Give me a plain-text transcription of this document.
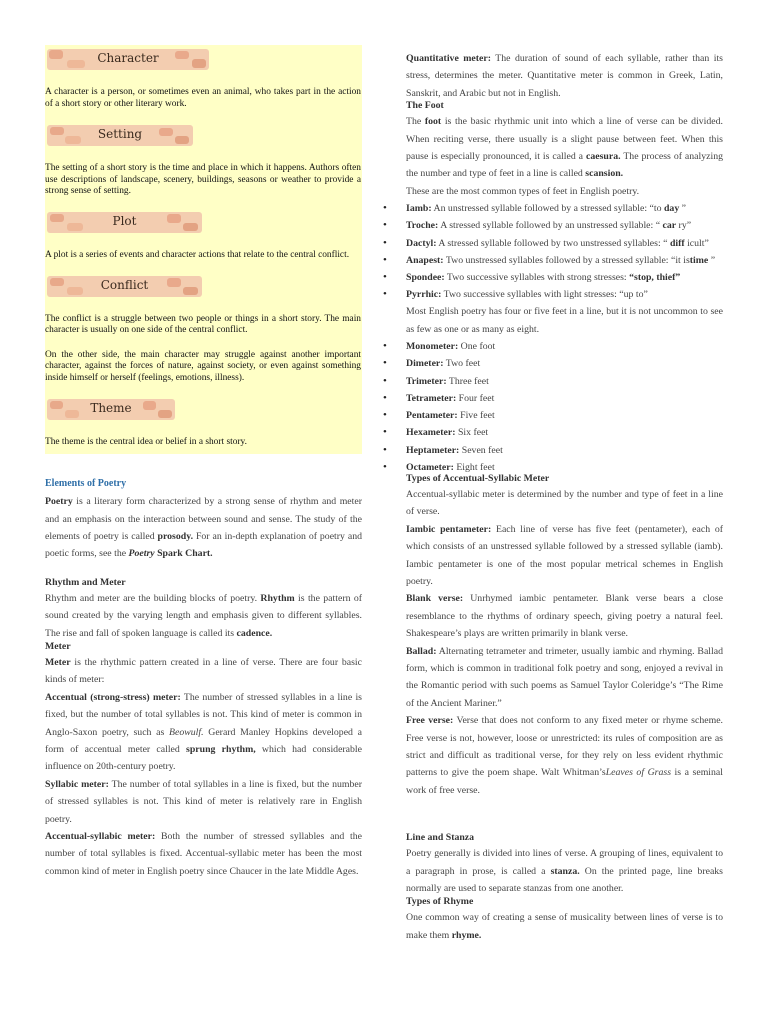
Character

A character is a person, or sometimes even an animal, who takes part in the action of a short story or other literary work.

Setting

The setting of a short story is the time and place in which it happens. Authors often use descriptions of landscape, scenery, buildings, seasons or weather to provide a strong sense of setting.

Plot

A plot is a series of events and character actions that relate to the central conflict.

Conflict

The conflict is a struggle between two people or things in a short story. The main character is usually on one side of the central conflict.

On the other side, the main character may struggle against another important character, against the forces of nature, against society, or even against something inside himself or herself (feelings, emotions, illness).

Theme

The theme is the central idea or belief in a short story.

Elements of Poetry

Poetry is a literary form characterized by a strong sense of rhythm and meter and an emphasis on the interaction between sound and sense. The study of the elements of poetry is called prosody. For an in-depth explanation of poetry and poetic forms, see the Poetry Spark Chart.

Rhythm and Meter

Rhythm and meter are the building blocks of poetry. Rhythm is the pattern of sound created by the varying length and emphasis given to different syllables. The rise and fall of spoken language is called its cadence.

Meter

Meter is the rhythmic pattern created in a line of verse. There are four basic kinds of meter:

Accentual (strong-stress) meter: The number of stressed syllables in a line is fixed, but the number of total syllables is not. This kind of meter is common in Anglo-Saxon poetry, such as Beowulf. Gerard Manley Hopkins developed a form of accentual meter called sprung rhythm, which had considerable influence on 20th-century poetry.

Syllabic meter: The number of total syllables in a line is fixed, but the number of stressed syllables is not. This kind of meter is relatively rare in English poetry.

Accentual-syllabic meter: Both the number of stressed syllables and the number of total syllables is fixed. Accentual-syllabic meter has been the most common kind of meter in English poetry since Chaucer in the late Middle Ages.

Quantitative meter: The duration of sound of each syllable, rather than its stress, determines the meter. Quantitative meter is common in Greek, Latin, Sanskrit, and Arabic but not in English.

The Foot

The foot is the basic rhythmic unit into which a line of verse can be divided. When reciting verse, there usually is a slight pause between feet. When this pause is especially pronounced, it is called a caesura. The process of analyzing the number and type of feet in a line is called scansion.

These are the most common types of feet in English poetry.

• Iamb: An unstressed syllable followed by a stressed syllable: “to day ”
• Troche: A stressed syllable followed by an unstressed syllable: “ car ry”
• Dactyl: A stressed syllable followed by two unstressed syllables: “ diff icult”
• Anapest: Two unstressed syllables followed by a stressed syllable: “it istime ”
• Spondee: Two successive syllables with strong stresses: “stop, thief”
• Pyrrhic: Two successive syllables with light stresses: “up to”

Most English poetry has four or five feet in a line, but it is not uncommon to see as few as one or as many as eight.

• Monometer: One foot
• Dimeter: Two feet
• Trimeter: Three feet
• Tetrameter: Four feet
• Pentameter: Five feet
• Hexameter: Six feet
• Heptameter: Seven feet
• Octameter: Eight feet

Types of Accentual-Syllabic Meter

Accentual-syllabic meter is determined by the number and type of feet in a line of verse.

Iambic pentameter: Each line of verse has five feet (pentameter), each of which consists of an unstressed syllable followed by a stressed syllable (iamb). Iambic pentameter is one of the most popular metrical schemes in English poetry.

Blank verse: Unrhymed iambic pentameter. Blank verse bears a close resemblance to the rhythms of ordinary speech, giving poetry a natural feel. Shakespeare’s plays are written primarily in blank verse.

Ballad: Alternating tetrameter and trimeter, usually iambic and rhyming. Ballad form, which is common in traditional folk poetry and song, enjoyed a revival in the Romantic period with such poems as Samuel Taylor Coleridge’s “The Rime of the Ancient Mariner.”

Free verse: Verse that does not conform to any fixed meter or rhyme scheme. Free verse is not, however, loose or unrestricted: its rules of composition are as strict and difficult as traditional verse, for they rely on less evident rhythmic patterns to give the poem shape. Walt Whitman’sLeaves of Grass is a seminal work of free verse.

Line and Stanza

Poetry generally is divided into lines of verse. A grouping of lines, equivalent to a paragraph in prose, is called a stanza. On the printed page, line breaks normally are used to separate stanzas from one another.

Types of Rhyme

One common way of creating a sense of musicality between lines of verse is to make them rhyme.
